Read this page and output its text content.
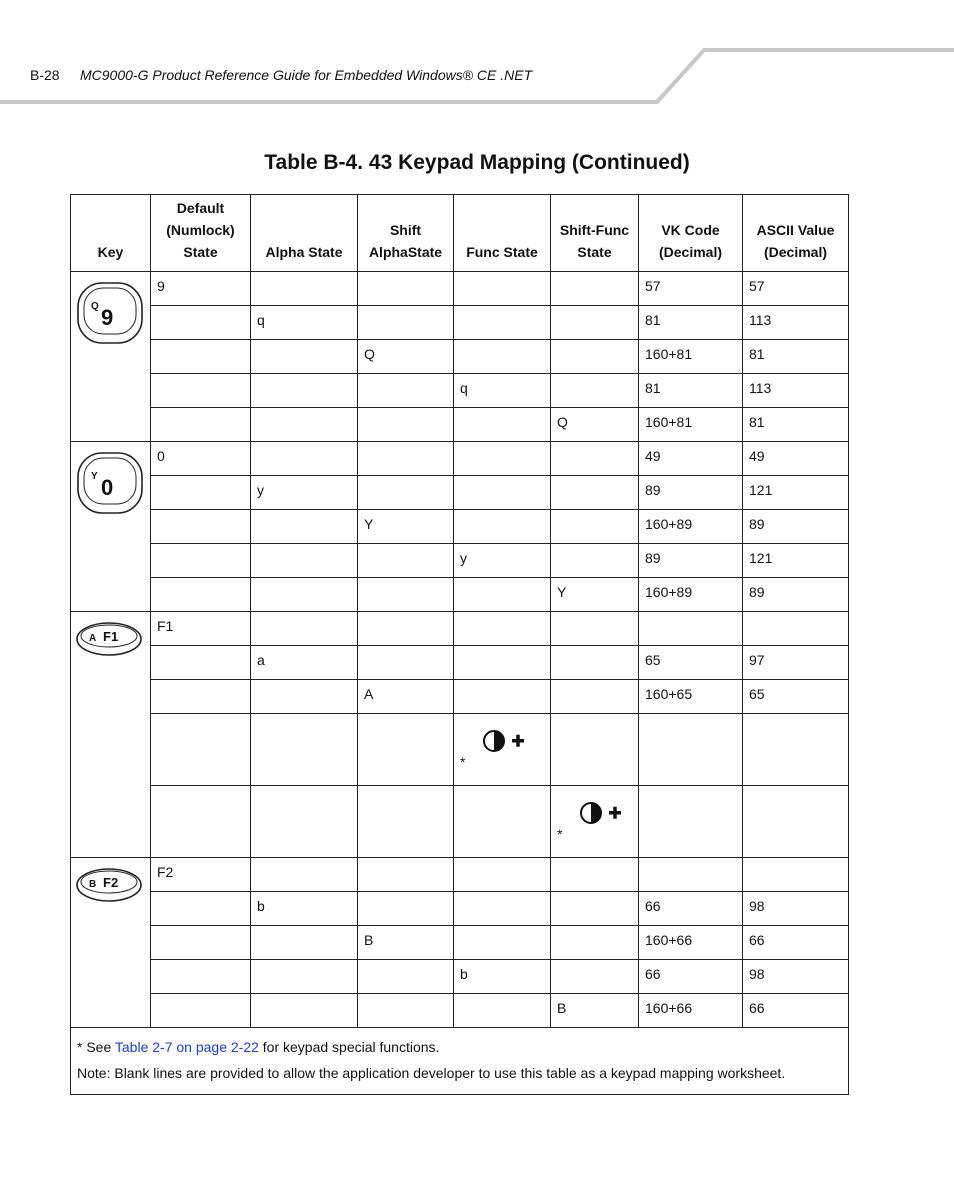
B-28 MC9000-G Product Reference Guide for Embedded Windows® CE .NET
Table B-4. 43 Keypad Mapping (Continued)
Key	Default (Numlock) State	Alpha State	Shift AlphaState	Func State	Shift-Func State	VK Code (Decimal)	ASCII Value (Decimal)

Q 9	9					57	57
		q				81	113
			Q			160+81	81
				q		81	113
					Q	160+81	81

Y 0	0					49	49
		y				89	121
			Y			160+89	89
				y		89	121
					Y	160+89	89

A F1	F1						
		a				65	97
			A			160+65	65

				*			

					*		

B F2	F2						
		b				66	98
			B			160+66	66
				b		66	98
					B	160+66	66

* See Table 2-7 on page 2-22 for keypad special functions.
Note: Blank lines are provided to allow the application developer to use this table as a keypad mapping worksheet.							
